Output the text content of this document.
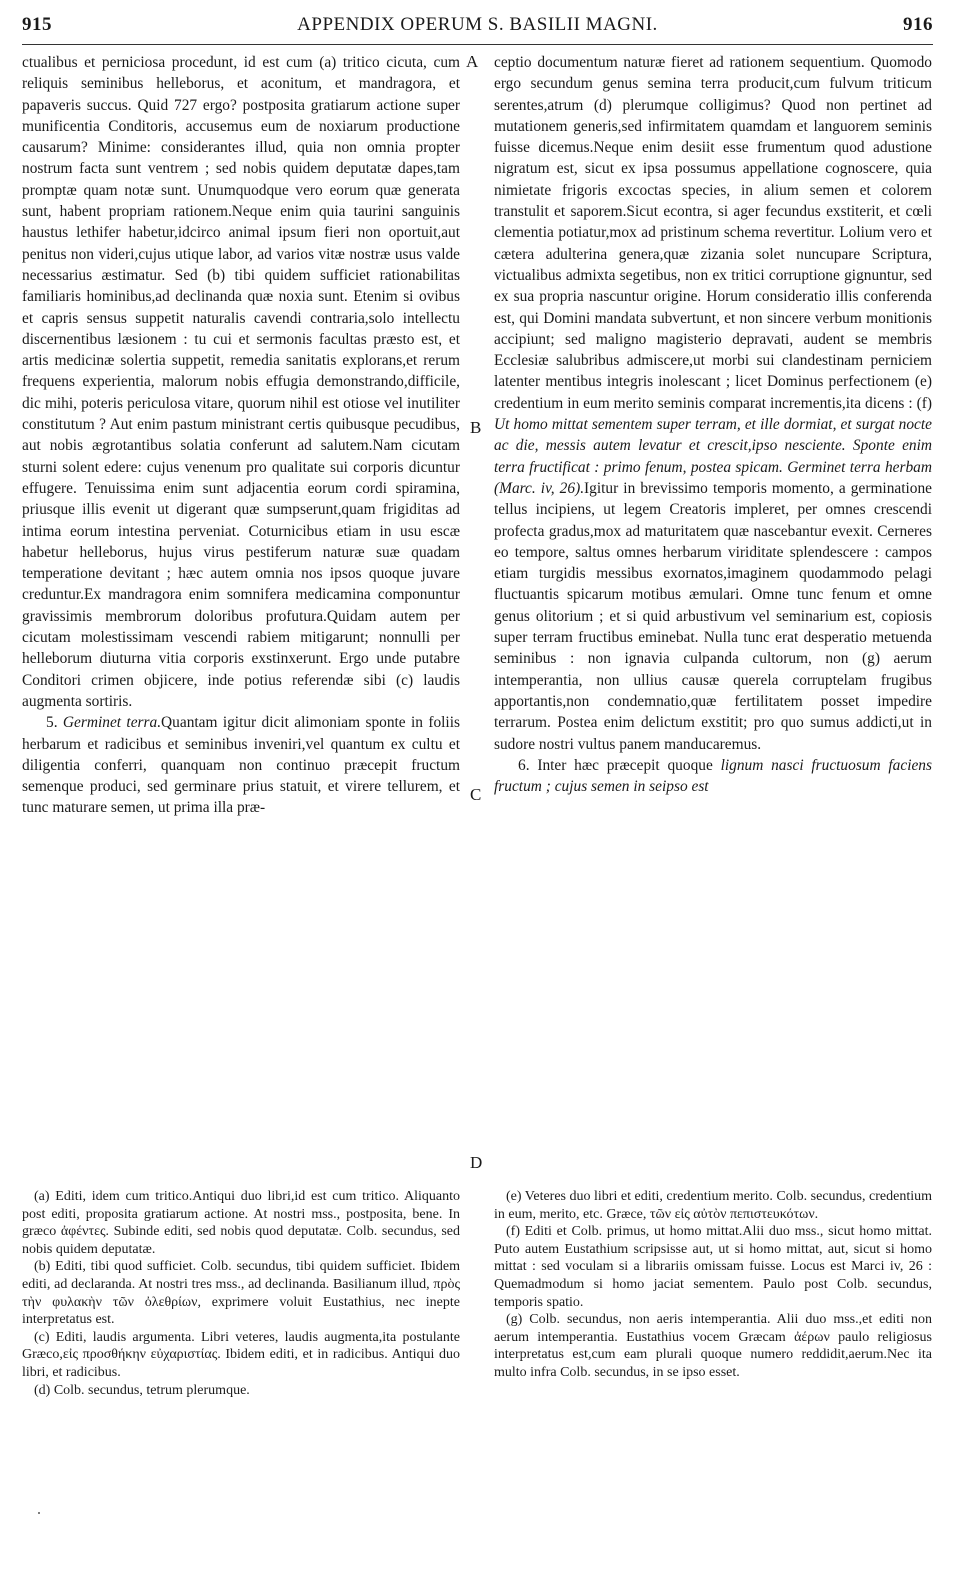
915	APPENDIX OPERUM S. BASILII MAGNI.	916
A
B
C
D

ctualibus et perniciosa procedunt, id est cum (a) tritico cicuta, cum reliquis seminibus helleborus, et aconitum, et mandragora, et papaveris succus. Quid 727 ergo? postposita gratiarum actione super munificentia Conditoris, accusemus eum de noxiarum productione causarum? Minime: considerantes illud, quia non omnia propter nostrum facta sunt ventrem ; sed nobis quidem deputatæ dapes,tam promptæ quam notæ sunt. Unumquodque vero eorum quæ generata sunt, habent propriam rationem.Neque enim quia taurini sanguinis haustus lethifer habetur,idcirco animal ipsum fieri non oportuit,aut penitus non videri,cujus utique labor, ad varios vitæ nostræ usus valde necessarius æstimatur. Sed (b) tibi quidem sufficiet rationabilitas familiaris hominibus,ad declinanda quæ noxia sunt. Etenim si ovibus et capris sensus suppetit naturalis cavendi contraria,solo intellectu discernentibus læsionem : tu cui et sermonis facultas præsto est, et artis medicinæ solertia suppetit, remedia sanitatis explorans,et rerum frequens experientia, malorum nobis effugia demonstrando,difficile, dic mihi, poteris periculosa vitare, quorum nihil est otiose vel inutiliter constitutum ? Aut enim pastum ministrant certis quibusque pecudibus, aut nobis ægrotantibus solatia conferunt ad salutem.Nam cicutam sturni solent edere: cujus venenum pro qualitate sui corporis dicuntur effugere. Tenuissima enim sunt adjacentia eorum cordi spiramina, priusque illis evenit ut digerant quæ sumpserunt,quam frigiditas ad intima eorum intestina perveniat. Coturnicibus etiam in usu escæ habetur helleborus, hujus virus pestiferum naturæ suæ quadam temperatione devitant ; hæc autem omnia nos ipsos quoque juvare creduntur.Ex mandragora enim somnifera medicamina componuntur gravissimis membrorum doloribus profutura.Quidam autem per cicutam molestissimam vescendi rabiem mitigarunt; nonnulli per helleborum diuturna vitia corporis exstinxerunt. Ergo unde putabre Conditori crimen objicere, inde potius referendæ sibi (c) laudis augmenta sortiris.

5. Germinet terra.Quantam igitur dicit alimoniam sponte in foliis herbarum et radicibus et seminibus inveniri,vel quantum ex cultu et diligentia conferri, quanquam non continuo præcepit fructum semenque produci, sed germinare prius statuit, et virere tellurem, et tunc maturare semen, ut prima illa præ-

ceptio documentum naturæ fieret ad rationem sequentium. Quomodo ergo secundum genus semina terra producit,cum fulvum triticum serentes,atrum (d) plerumque colligimus? Quod non pertinet ad mutationem generis,sed infirmitatem quamdam et languorem seminis fuisse dicemus.Neque enim desiit esse frumentum quod adustione nigratum est, sicut ex ipsa possumus appellatione cognoscere, quia nimietate frigoris excoctas species, in alium semen et colorem transtulit et saporem.Sicut econtra, si ager fecundus exstiterit, et cœli clementia potiatur,mox ad pristinum schema revertitur. Lolium vero et cætera adulterina genera,quæ zizania solet nuncupare Scriptura, victualibus admixta segetibus, non ex tritici corruptione gignuntur, sed ex sua propria nascuntur origine. Horum consideratio illis conferenda est, qui Domini mandata subvertunt, et non sincere verbum monitionis accipiunt; sed maligno magisterio depravati, audent se membris Ecclesiæ salubribus admiscere,ut morbi sui clandestinam perniciem latenter mentibus integris inolescant ; licet Dominus perfectionem (e) credentium in eum merito seminis comparat incrementis,ita dicens : (f) Ut homo mittat sementem super terram, et ille dormiat, et surgat nocte ac die, messis autem levatur et crescit,ipso nesciente. Sponte enim terra fructificat : primo fenum, postea spicam. Germinet terra herbam (Marc. iv, 26).Igitur in brevissimo temporis momento, a germinatione tellus incipiens, ut legem Creatoris impleret, per omnes crescendi profecta gradus,mox ad maturitatem quæ nascebantur evexit. Cerneres eo tempore, saltus omnes herbarum viriditate splendescere : campos etiam turgidis messibus exornatos,imaginem quodammodo pelagi fluctuantis spicarum motibus æmulari. Omne tunc fenum et omne genus olitorium ; et si quid arbustivum vel seminarium est, copiosis super terram fructibus eminebat. Nulla tunc erat desperatio metuenda seminibus : non ignavia culpanda cultorum, non (g) aerum intemperantia, non ullius causæ querela corruptelam frugibus apportantis,non condemnatio,quæ fertilitatem posset impedire terrarum. Postea enim delictum exstitit; pro quo sumus addicti,ut in sudore nostri vultus panem manducaremus.

6. Inter hæc præcepit quoque lignum nasci fructuosum faciens fructum ; cujus semen in seipso est

(a) Editi, idem cum tritico.Antiqui duo libri,id est cum tritico. Aliquanto post editi, proposita gratiarum actione. At nostri mss., postposita, bene. In græco ἀφέντες. Subinde editi, sed nobis quod deputatæ. Colb. secundus, sed nobis quidem deputatæ.

(b) Editi, tibi quod sufficiet. Colb. secundus, tibi quidem sufficiet. Ibidem editi, ad declaranda. At nostri tres mss., ad declinanda. Basilianum illud, πρὸς τὴν φυλακὴν τῶν ὀλεθρίων, exprimere voluit Eustathius, nec inepte interpretatus est.

(c) Editi, laudis argumenta. Libri veteres, laudis augmenta,ita postulante Græco,εἰς προσθήκην εὐχαριστίας. Ibidem editi, et in radicibus. Antiqui duo libri, et radicibus.

(d) Colb. secundus, tetrum plerumque.

(e) Veteres duo libri et editi, credentium merito. Colb. secundus, credentium in eum, merito, etc. Græce, τῶν εἰς αὐτὸν πεπιστευκότων.

(f) Editi et Colb. primus, ut homo mittat.Alii duo mss., sicut homo mittat. Puto autem Eustathium scripsisse aut, ut si homo mittat, aut, sicut si homo mittat : sed voculam si a librariis omissam fuisse. Locus est Marci iv, 26 : Quemadmodum si homo jaciat sementem. Paulo post Colb. secundus, temporis spatio.

(g) Colb. secundus, non aeris intemperantia. Alii duo mss.,et editi non aerum intemperantia. Eustathius vocem Græcam ἀέρων paulo religiosus interpretatus est,cum eam plurali quoque numero reddidit,aerum.Nec ita multo infra Colb. secundus, in se ipso esset.
